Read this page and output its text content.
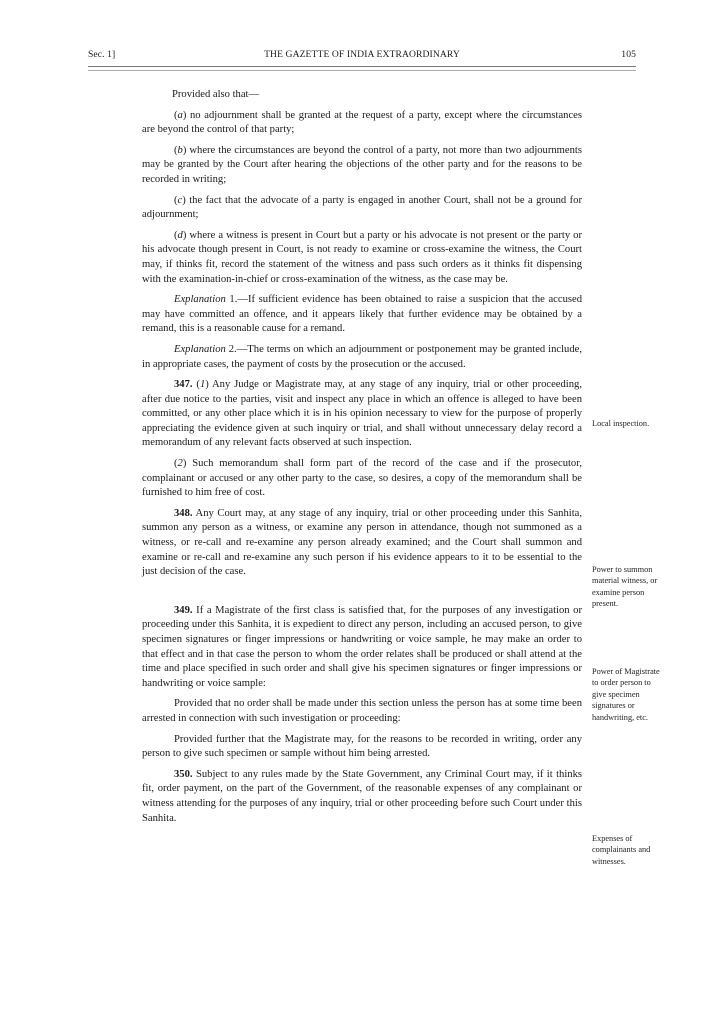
Sec. 1]	THE GAZETTE OF INDIA EXTRAORDINARY	105

Provided also that—

(a) no adjournment shall be granted at the request of a party, except where the circumstances are beyond the control of that party;

(b) where the circumstances are beyond the control of a party, not more than two adjournments may be granted by the Court after hearing the objections of the other party and for the reasons to be recorded in writing;

(c) the fact that the advocate of a party is engaged in another Court, shall not be a ground for adjournment;

(d) where a witness is present in Court but a party or his advocate is not present or the party or his advocate though present in Court, is not ready to examine or cross-examine the witness, the Court may, if thinks fit, record the statement of the witness and pass such orders as it thinks fit dispensing with the examination-in-chief or cross-examination of the witness, as the case may be.

Explanation 1.—If sufficient evidence has been obtained to raise a suspicion that the accused may have committed an offence, and it appears likely that further evidence may be obtained by a remand, this is a reasonable cause for a remand.

Explanation 2.—The terms on which an adjournment or postponement may be granted include, in appropriate cases, the payment of costs by the prosecution or the accused.

347. (1) Any Judge or Magistrate may, at any stage of any inquiry, trial or other proceeding, after due notice to the parties, visit and inspect any place in which an offence is alleged to have been committed, or any other place which it is in his opinion necessary to view for the purpose of properly appreciating the evidence given at such inquiry or trial, and shall without unnecessary delay record a memorandum of any relevant facts observed at such inspection.

(2) Such memorandum shall form part of the record of the case and if the prosecutor, complainant or accused or any other party to the case, so desires, a copy of the memorandum shall be furnished to him free of cost.

348. Any Court may, at any stage of any inquiry, trial or other proceeding under this Sanhita, summon any person as a witness, or examine any person in attendance, though not summoned as a witness, or re-call and re-examine any person already examined; and the Court shall summon and examine or re-call and re-examine any such person if his evidence appears to it to be essential to the just decision of the case.

349. If a Magistrate of the first class is satisfied that, for the purposes of any investigation or proceeding under this Sanhita, it is expedient to direct any person, including an accused person, to give specimen signatures or finger impressions or handwriting or voice sample, he may make an order to that effect and in that case the person to whom the order relates shall be produced or shall attend at the time and place specified in such order and shall give his specimen signatures or finger impressions or handwriting or voice sample:

Provided that no order shall be made under this section unless the person has at some time been arrested in connection with such investigation or proceeding:

Provided further that the Magistrate may, for the reasons to be recorded in writing, order any person to give such specimen or sample without him being arrested.

350. Subject to any rules made by the State Government, any Criminal Court may, if it thinks fit, order payment, on the part of the Government, of the reasonable expenses of any complainant or witness attending for the purposes of any inquiry, trial or other proceeding before such Court under this Sanhita.

Local inspection.
Power to summon material witness, or examine person present.
Power of Magistrate to order person to give specimen signatures or handwriting, etc.
Expenses of complainants and witnesses.
